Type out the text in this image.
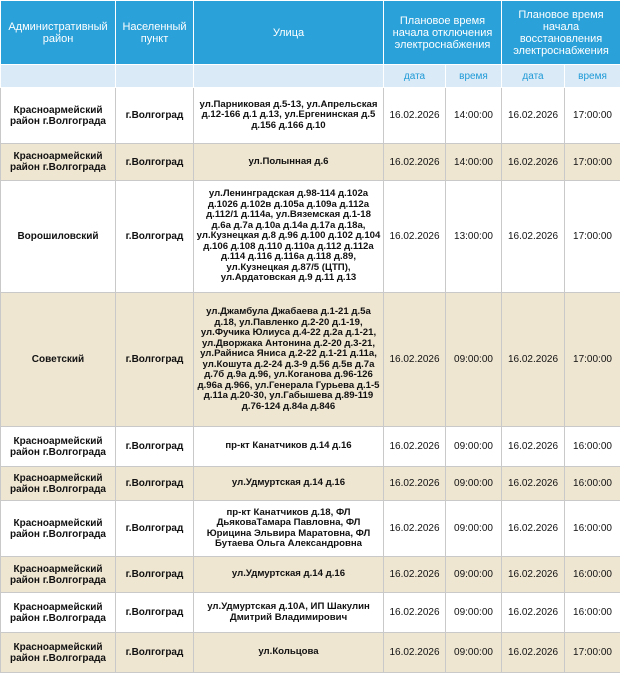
Административный район	Населенный пункт	Улица	Плановое время начала отключения электроснабжения		Плановое время начала восстановления электроснабжения	
			дата	время	дата	время
Красноармейский район г.Волгограда	г.Волгоград	ул.Парниковая д.5-13, ул.Апрельская д.12-166 д.1 д.13, ул.Ергенинская д.5 д.156 д.166 д.10	16.02.2026	14:00:00	16.02.2026	17:00:00
Красноармейский район г.Волгограда	г.Волгоград	ул.Полынная д.6	16.02.2026	14:00:00	16.02.2026	17:00:00
Ворошиловский	г.Волгоград	ул.Ленинградская д.98-114 д.102а д.1026 д.102в д.105а д.109а д.112а д.112/1 д.114а, ул.Вяземская д.1-18 д.6а д.7а д.10а д.14а д.17а д.18а, ул.Кузнецкая д.8 д.96 д.100 д.102 д.104 д.106 д.108 д.110 д.110а д.112 д.112а д.114 д.116 д.116а д.118 д.89, ул.Кузнецкая д.87/5 (ЦТП), ул.Ардатовская д.9 д.11 д.13	16.02.2026	13:00:00	16.02.2026	17:00:00
Советский	г.Волгоград	ул.Джамбула Джабаева д.1-21 д.5а д.18, ул.Павленко д.2-20 д.1-19, ул.Фучика Юлиуса д.4-22 д.2а д.1-21, ул.Дворжака Антонина д.2-20 д.3-21, ул.Райниса Яниса д.2-22 д.1-21 д.11а, ул.Кошута д.2-24 д.3-9 д.56 д.5в д.7а д.7б д.9а д.96, ул.Коганова д.96-126 д.96а д.966, ул.Генерала Гурьева д.1-5 д.11а д.20-30, ул.Габышева д.89-119 д.76-124 д.84а д.846	16.02.2026	09:00:00	16.02.2026	17:00:00
Красноармейский район г.Волгограда	г.Волгоград	пр-кт Канатчиков д.14 д.16	16.02.2026	09:00:00	16.02.2026	16:00:00
Красноармейский район г.Волгограда	г.Волгоград	ул.Удмуртская д.14 д.16	16.02.2026	09:00:00	16.02.2026	16:00:00
Красноармейский район г.Волгограда	г.Волгоград	пр-кт Канатчиков д.18, ФЛ ДьяковаТамара Павловна, ФЛ Юрицина Эльвира Маратовна, ФЛ Бутаева Ольга Александровна	16.02.2026	09:00:00	16.02.2026	16:00:00
Красноармейский район г.Волгограда	г.Волгоград	ул.Удмуртская д.14 д.16	16.02.2026	09:00:00	16.02.2026	16:00:00
Красноармейский район г.Волгограда	г.Волгоград	ул.Удмуртская д.10А, ИП Шакулин Дмитрий Владимирович	16.02.2026	09:00:00	16.02.2026	16:00:00
Красноармейский район г.Волгограда	г.Волгоград	ул.Кольцова	16.02.2026	09:00:00	16.02.2026	17:00:00
